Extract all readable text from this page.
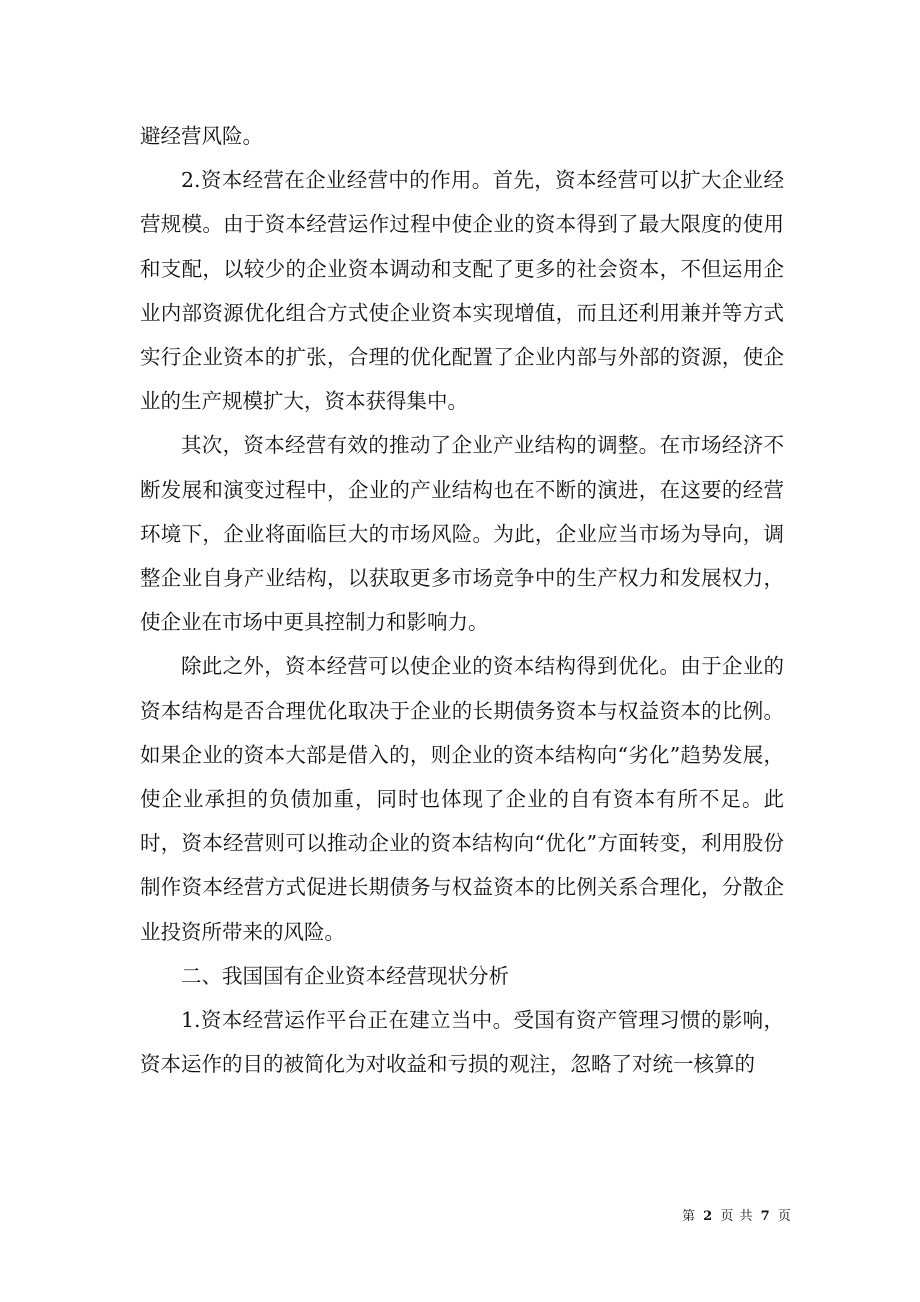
避经营风险。

2.资本经营在企业经营中的作用。首先，资本经营可以扩大企业经营规模。由于资本经营运作过程中使企业的资本得到了最大限度的使用和支配，以较少的企业资本调动和支配了更多的社会资本，不但运用企业内部资源优化组合方式使企业资本实现增值，而且还利用兼并等方式实行企业资本的扩张，合理的优化配置了企业内部与外部的资源，使企业的生产规模扩大，资本获得集中。

其次，资本经营有效的推动了企业产业结构的调整。在市场经济不断发展和演变过程中，企业的产业结构也在不断的演进，在这要的经营环境下，企业将面临巨大的市场风险。为此，企业应当市场为导向，调整企业自身产业结构，以获取更多市场竞争中的生产权力和发展权力，使企业在市场中更具控制力和影响力。

除此之外，资本经营可以使企业的资本结构得到优化。由于企业的资本结构是否合理优化取决于企业的长期债务资本与权益资本的比例。如果企业的资本大部是借入的，则企业的资本结构向“劣化”趋势发展，使企业承担的负债加重，同时也体现了企业的自有资本有所不足。此时，资本经营则可以推动企业的资本结构向“优化”方面转变，利用股份制作资本经营方式促进长期债务与权益资本的比例关系合理化，分散企业投资所带来的风险。

二、我国国有企业资本经营现状分析

1.资本经营运作平台正在建立当中。受国有资产管理习惯的影响，资本运作的目的被简化为对收益和亏损的观注，忽略了对统一核算的

第 2 页 共 7 页
